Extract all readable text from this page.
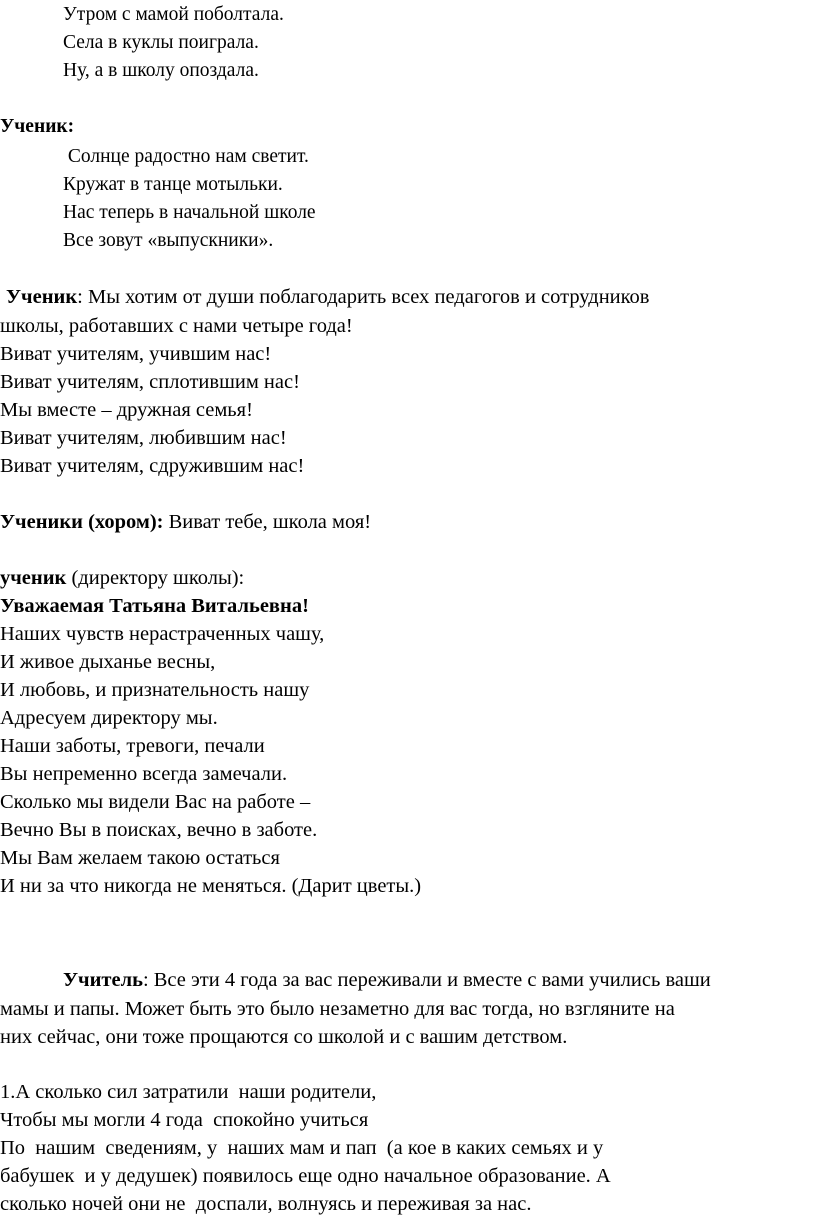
Утром с мамой поболтала.
Села в куклы поиграла.
Ну, а в школу опоздала.
Ученик:
Солнце радостно нам светит.
Кружат в танце мотыльки.
Нас теперь в начальной школе
Все зовут «выпускники».
Ученик: Мы хотим от души поблагодарить всех педагогов и сотрудников
школы, работавших с нами четыре года!
Виват учителям, учившим нас!
Виват учителям, сплотившим нас!
Мы вместе – дружная семья!
Виват учителям, любившим нас!
Виват учителям, сдружившим нас!
Ученики (хором): Виват тебе, школа моя!
ученик (директору школы):
Уважаемая Татьяна Витальевна!
Наших чувств нерастраченных чашу,
И живое дыханье весны,
И любовь, и признательность нашу
Адресуем директору мы.
Наши заботы, тревоги, печали
Вы непременно всегда замечали.
Сколько мы видели Вас на работе –
Вечно Вы в поисках, вечно в заботе.
Мы Вам желаем такою остаться
И ни за что никогда не меняться. (Дарит цветы.)
Учитель: Все эти 4 года за вас переживали и вместе с вами учились ваши
мамы и папы. Может быть это было незаметно для вас тогда, но взгляните на
них сейчас, они тоже прощаются со школой и с вашим детством.
1.А сколько сил затратили  наши родители,
Чтобы мы могли 4 года  спокойно учиться
По  нашим  сведениям, у  наших мам и пап  (а кое в каких семьях и у
бабушек  и у дедушек) появилось еще одно начальное образование. А
сколько ночей они не  доспали, волнуясь и переживая за нас.
